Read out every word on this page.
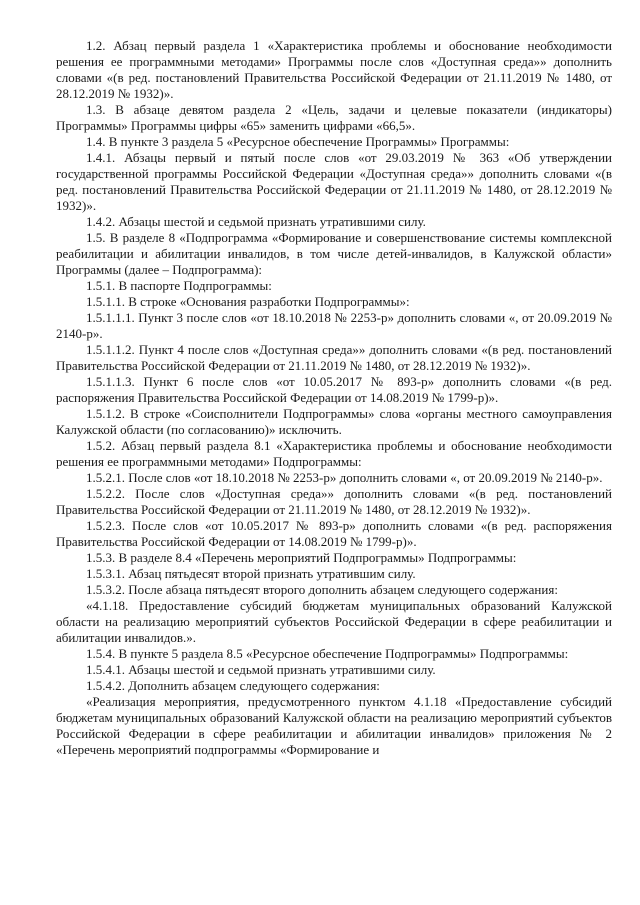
1.2. Абзац первый раздела 1 «Характеристика проблемы и обоснование необходимости решения ее программными методами» Программы после слов «Доступная среда»» дополнить словами «(в ред. постановлений Правительства Российской Федерации от 21.11.2019 № 1480, от 28.12.2019 № 1932)».

1.3. В абзаце девятом раздела 2 «Цель, задачи и целевые показатели (индикаторы) Программы» Программы цифры «65» заменить цифрами «66,5».

1.4. В пункте 3 раздела 5 «Ресурсное обеспечение Программы» Программы:

1.4.1. Абзацы первый и пятый после слов «от 29.03.2019 № 363 «Об утверждении государственной программы Российской Федерации «Доступная среда»» дополнить словами «(в ред. постановлений Правительства Российской Федерации от 21.11.2019 № 1480, от 28.12.2019 № 1932)».

1.4.2. Абзацы шестой и седьмой признать утратившими силу.

1.5. В разделе 8 «Подпрограмма «Формирование и совершенствование системы комплексной реабилитации и абилитации инвалидов, в том числе детей-инвалидов, в Калужской области» Программы (далее – Подпрограмма):

1.5.1. В паспорте Подпрограммы:

1.5.1.1. В строке «Основания разработки Подпрограммы»:

1.5.1.1.1. Пункт 3 после слов «от 18.10.2018 № 2253-р» дополнить словами «, от 20.09.2019 № 2140-р».

1.5.1.1.2. Пункт 4 после слов «Доступная среда»» дополнить словами «(в ред. постановлений Правительства Российской Федерации от 21.11.2019 № 1480, от 28.12.2019 № 1932)».

1.5.1.1.3. Пункт 6 после слов «от 10.05.2017 № 893-р» дополнить словами «(в ред. распоряжения Правительства Российской Федерации от 14.08.2019 № 1799-р)».

1.5.1.2. В строке «Соисполнители Подпрограммы» слова «органы местного самоуправления Калужской области (по согласованию)» исключить.

1.5.2. Абзац первый раздела 8.1 «Характеристика проблемы и обоснование необходимости решения ее программными методами» Подпрограммы:

1.5.2.1. После слов «от 18.10.2018 № 2253-р» дополнить словами «, от 20.09.2019 № 2140-р».

1.5.2.2. После слов «Доступная среда»» дополнить словами «(в ред. постановлений Правительства Российской Федерации от 21.11.2019 № 1480, от 28.12.2019 № 1932)».

1.5.2.3. После слов «от 10.05.2017 № 893-р» дополнить словами «(в ред. распоряжения Правительства Российской Федерации от 14.08.2019 № 1799-р)».

1.5.3. В разделе 8.4 «Перечень мероприятий Подпрограммы» Подпрограммы:

1.5.3.1. Абзац пятьдесят второй признать утратившим силу.

1.5.3.2. После абзаца пятьдесят второго дополнить абзацем следующего содержания:

«4.1.18. Предоставление субсидий бюджетам муниципальных образований Калужской области на реализацию мероприятий субъектов Российской Федерации в сфере реабилитации и абилитации инвалидов.».

1.5.4. В пункте 5 раздела 8.5 «Ресурсное обеспечение Подпрограммы» Подпрограммы:

1.5.4.1. Абзацы шестой и седьмой признать утратившими силу.

1.5.4.2. Дополнить абзацем следующего содержания:

«Реализация мероприятия, предусмотренного пунктом 4.1.18 «Предоставление субсидий бюджетам муниципальных образований Калужской области на реализацию мероприятий субъектов Российской Федерации в сфере реабилитации и абилитации инвалидов» приложения № 2 «Перечень мероприятий подпрограммы «Формирование и
